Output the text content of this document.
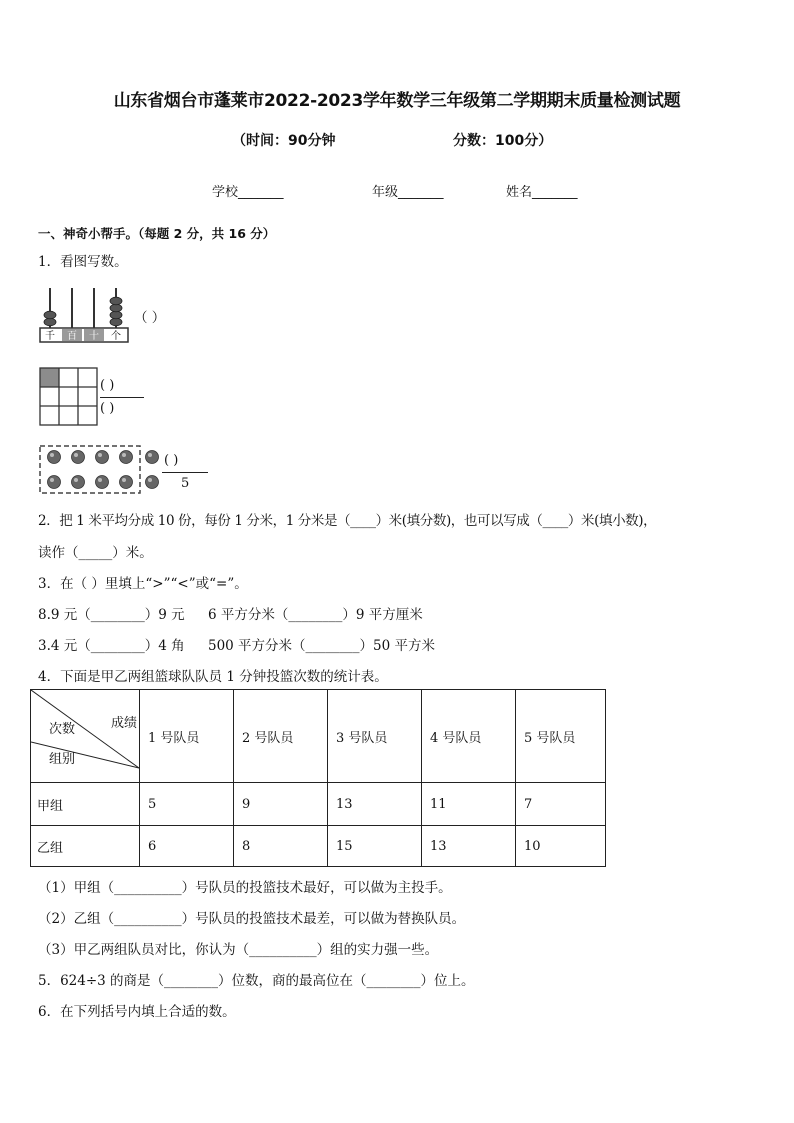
山东省烟台市蓬莱市2022-2023学年数学三年级第二学期期末质量检测试题
（时间：90分钟	分数：100分）
学校_______	年级_______	姓名_______
一、神奇小帮手。（每题 2 分，共 16 分）
1．看图写数。
千 百 十 个
（ ）
( )
( )
( )
5
2．把 1 米平均分成 10 份，每份 1 分米，1 分米是（____）米(填分数)，也可以写成（____）米(填小数)，
读作（_____）米。
3．在（ ）里填上“>”“<”或“=”。
8.9 元（________）9 元 6 平方分米（________）9 平方厘米
3.4 元（________）4 角 500 平方分米（________）50 平方米
4．下面是甲乙两组篮球队队员 1 分钟投篮次数的统计表。
成绩
次数
组别	1 号队员	2 号队员	3 号队员	4 号队员	5 号队员
甲组	5	9	13	11	7
乙组	6	8	15	13	10
（1）甲组（__________）号队员的投篮技术最好，可以做为主投手。
（2）乙组（__________）号队员的投篮技术最差，可以做为替换队员。
（3）甲乙两组队员对比，你认为（__________）组的实力强一些。
5．624÷3 的商是（________）位数，商的最高位在（________）位上。
6．在下列括号内填上合适的数。
